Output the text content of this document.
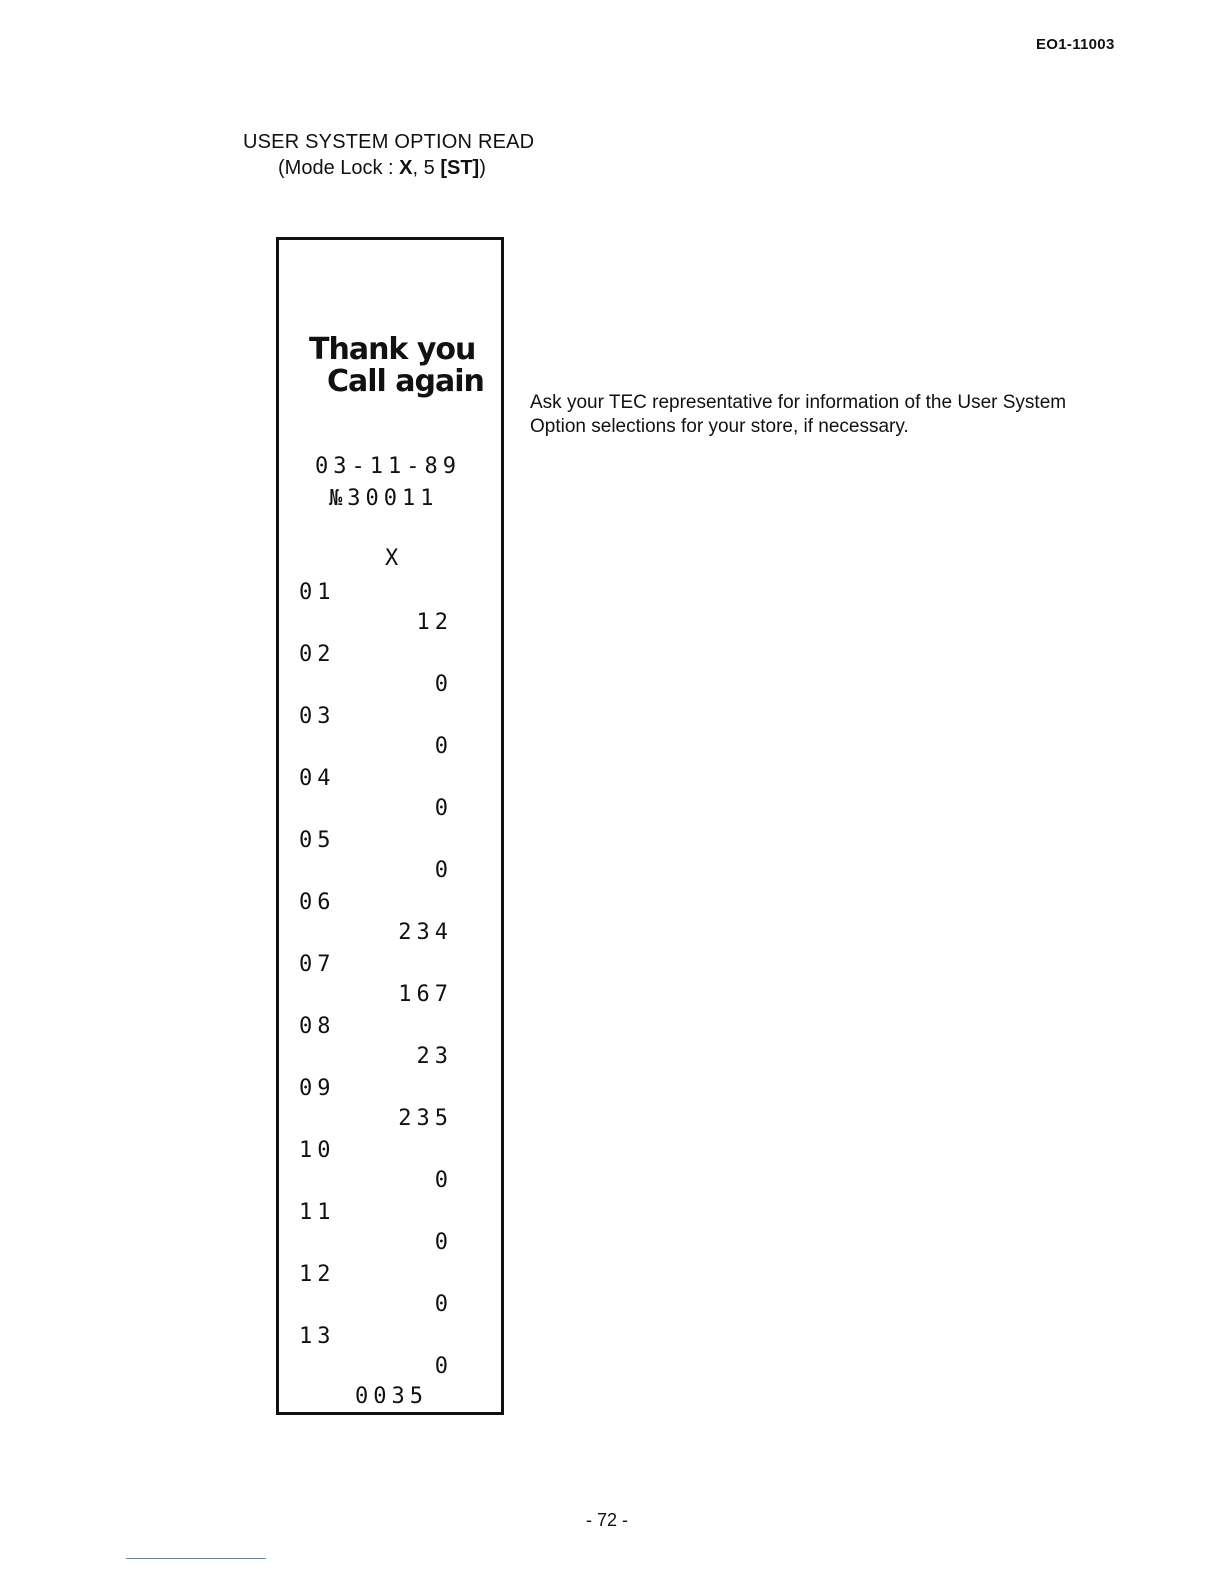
EO1-11003
USER SYSTEM OPTION READ
(Mode Lock : X, 5 [ST])
Thank you
Call again
03-11-89
№30011
X
01
12
02
0
03
0
04
0
05
0
06
234
07
167
08
23
09
235
10
0
11
0
12
0
13
0
0035
Ask your TEC representative for information of the User System Option selections for your store, if necessary.
- 72 -
